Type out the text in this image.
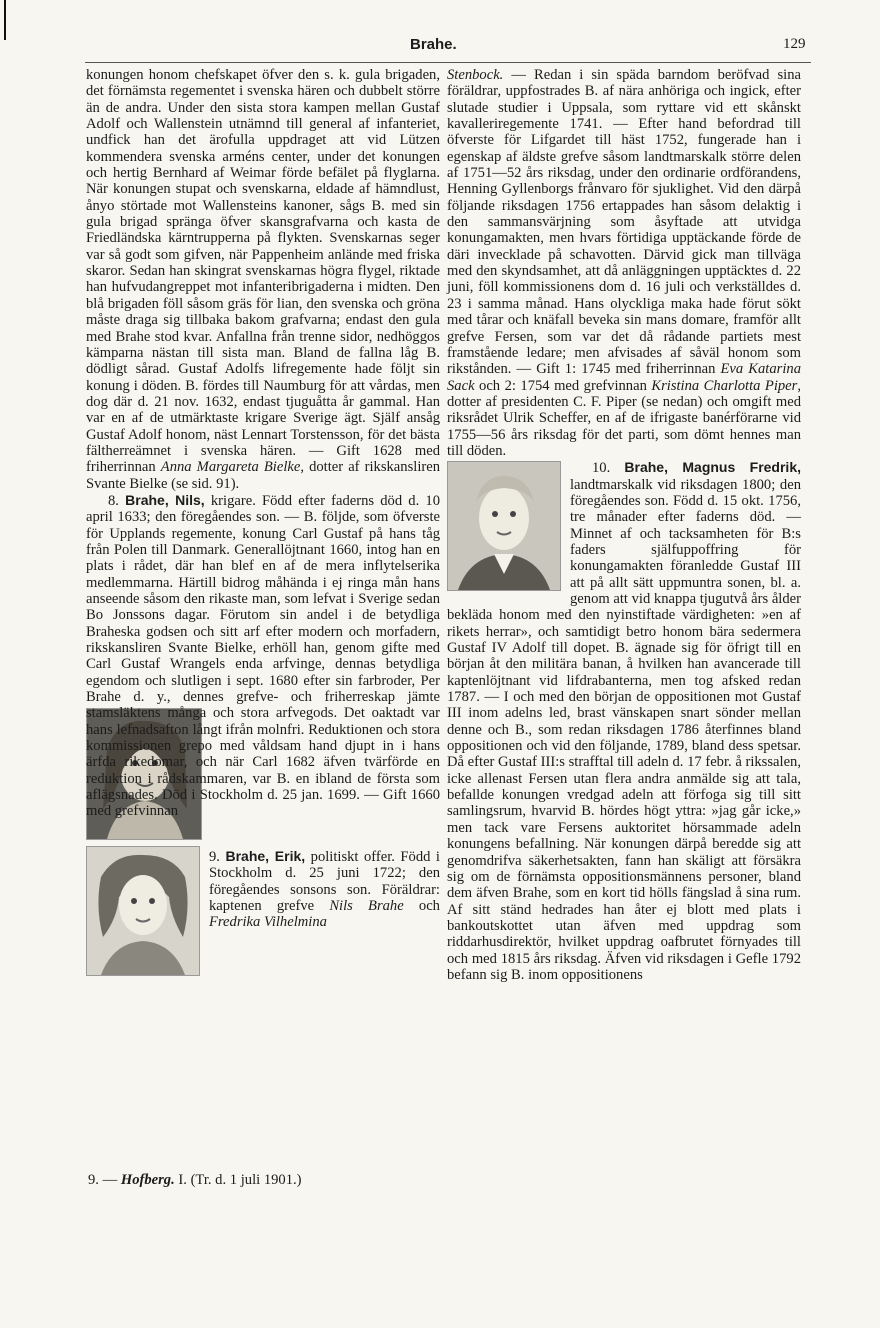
Brahe.	129

konungen honom chefskapet öfver den s. k. gula brigaden, det förnämsta regementet i svenska hären och dubbelt större än de andra. Under den sista stora kampen mellan Gustaf Adolf och Wallenstein utnämnd till general af infanteriet, undfick han det ärofulla uppdraget att vid Lützen kommendera svenska arméns center, under det konungen och hertig Bernhard af Weimar förde befälet på flyglarna. När konungen stupat och svenskarna, eldade af hämndlust, ånyo störtade mot Wallensteins kanoner, sågs B. med sin gula brigad spränga öfver skansgrafvarna och kasta de Friedländska kärntrupperna på flykten. Svenskarnas seger var så godt som gifven, när Pappenheim anlände med friska skaror. Sedan han skingrat svenskarnas högra flygel, riktade han hufvudangreppet mot infanteribrigaderna i midten. Den blå brigaden föll såsom gräs för lian, den svenska och gröna måste draga sig tillbaka bakom grafvarna; endast den gula med Brahe stod kvar. Anfallna från trenne sidor, nedhöggos kämparna nästan till sista man. Bland de fallna låg B. dödligt sårad. Gustaf Adolfs lifregemente hade följt sin konung i döden. B. fördes till Naumburg för att vårdas, men dog där d. 21 nov. 1632, endast tjuguåtta år gammal. Han var en af de utmärktaste krigare Sverige ägt. Själf ansåg Gustaf Adolf honom, näst Lennart Torstensson, för det bästa fältherreämnet i svenska hären. — Gift 1628 med friherrinnan Anna Margareta Bielke, dotter af rikskansliren Svante Bielke (se sid. 91).

8. Brahe, Nils, krigare. Född efter faderns död d. 10 april 1633; den föregåendes son. — B. följde, som öfverste för Upplands regemente, konung Carl Gustaf på hans tåg från Polen till Danmark. Generallöjtnant 1660, intog han en plats i rådet, där han blef en af de mera inflytelserika medlemmarna. Härtill bidrog måhända i ej ringa mån hans anseende såsom den rikaste man, som lefvat i Sverige sedan Bo Jonssons dagar. Förutom sin andel i de betydliga Braheska godsen och sitt arf efter modern och morfadern, rikskansliren Svante Bielke, erhöll han, genom gifte med Carl Gustaf Wrangels enda arfvinge, dennas betydliga egendom och slutligen i sept. 1680 efter sin farbroder, Per Brahe d. y., dennes grefve- och friherreskap jämte stamsläktens många och stora arfvegods. Det oaktadt var hans lefnadsafton långt ifrån molnfri. Reduktionen och stora kommissionen grepo med våldsam hand djupt in i hans ärfda rikedomar, och när Carl 1682 äfven tvärförde en reduktion i rådskammaren, var B. en ibland de första som aflägsnades. Död i Stockholm d. 25 jan. 1699. — Gift 1660 med grefvinnan

9. Brahe, Erik, politiskt offer. Född i Stockholm d. 25 juni 1722; den föregåendes sonsons son. Föräldrar: kaptenen grefve Nils Brahe och Fredrika Vilhelmina

Stenbock. — Redan i sin späda barndom beröfvad sina föräldrar, uppfostrades B. af nära anhöriga och ingick, efter slutade studier i Uppsala, som ryttare vid ett skånskt kavalleriregemente 1741. — Efter hand befordrad till öfverste för Lifgardet till häst 1752, fungerade han i egenskap af äldste grefve såsom landtmarskalk större delen af 1751—52 års riksdag, under den ordinarie ordförandens, Henning Gyllenborgs frånvaro för sjuklighet. Vid den därpå följande riksdagen 1756 ertappades han såsom delaktig i den sammansvärjning som åsyftade att utvidga konungamakten, men hvars förtidiga upptäckande förde de däri invecklade på schavotten. Därvid gick man tillväga med den skyndsamhet, att då anläggningen upptäcktes d. 22 juni, föll kommissionens dom d. 16 juli och verkställdes d. 23 i samma månad. Hans olyckliga maka hade förut sökt med tårar och knäfall beveka sin mans domare, framför allt grefve Fersen, som var det då rådande partiets mest framstående ledare; men afvisades af såväl honom som rikstånden. — Gift 1: 1745 med friherrinnan Eva Katarina Sack och 2: 1754 med grefvinnan Kristina Charlotta Piper, dotter af presidenten C. F. Piper (se nedan) och omgift med riksrådet Ulrik Scheffer, en af de ifrigaste banérförarne vid 1755—56 års riksdag för det parti, som dömt hennes man till döden.

10. Brahe, Magnus Fredrik, landtmarskalk vid riksdagen 1800; den föregåendes son. Född d. 15 okt. 1756, tre månader efter faderns död. — Minnet af och tacksamheten för B:s faders själfuppoffring för konungamakten föranledde Gustaf III att på allt sätt uppmuntra sonen, bl. a. genom att vid knappa tjugutvå års ålder bekläda honom med den nyinstiftade värdigheten: »en af rikets herrar», och samtidigt betro honom bära sedermera Gustaf IV Adolf till dopet. B. ägnade sig för öfrigt till en början åt den militära banan, å hvilken han avancerade till kaptenlöjtnant vid lifdrabanterna, men tog afsked redan 1787. — I och med den början de oppositionen mot Gustaf III inom adelns led, brast vänskapen snart sönder mellan denne och B., som redan riksdagen 1786 återfinnes bland oppositionen och vid den följande, 1789, bland dess spetsar. Då efter Gustaf III:s strafftal till adeln d. 17 febr. å rikssalen, icke allenast Fersen utan flera andra anmälde sig att tala, befallde konungen vredgad adeln att förfoga sig till sitt samlingsrum, hvarvid B. hördes högt yttra: »jag går icke,» men tack vare Fersens auktoritet hörsammade adeln konungens befallning. När konungen därpå beredde sig att genomdrifva säkerhetsakten, fann han skäligt att försäkra sig om de förnämsta oppositionsmännens personer, bland dem äfven Brahe, som en kort tid hölls fängslad å sina rum. Af sitt ständ hedrades han åter ej blott med plats i bankoutskottet utan äfven med uppdrag som riddarhusdirektör, hvilket uppdrag oafbrutet förnyades till och med 1815 års riksdag. Äfven vid riksdagen i Gefle 1792 befann sig B. inom oppositionens

9. — Hofberg. I. (Tr. d. 1 juli 1901.)
